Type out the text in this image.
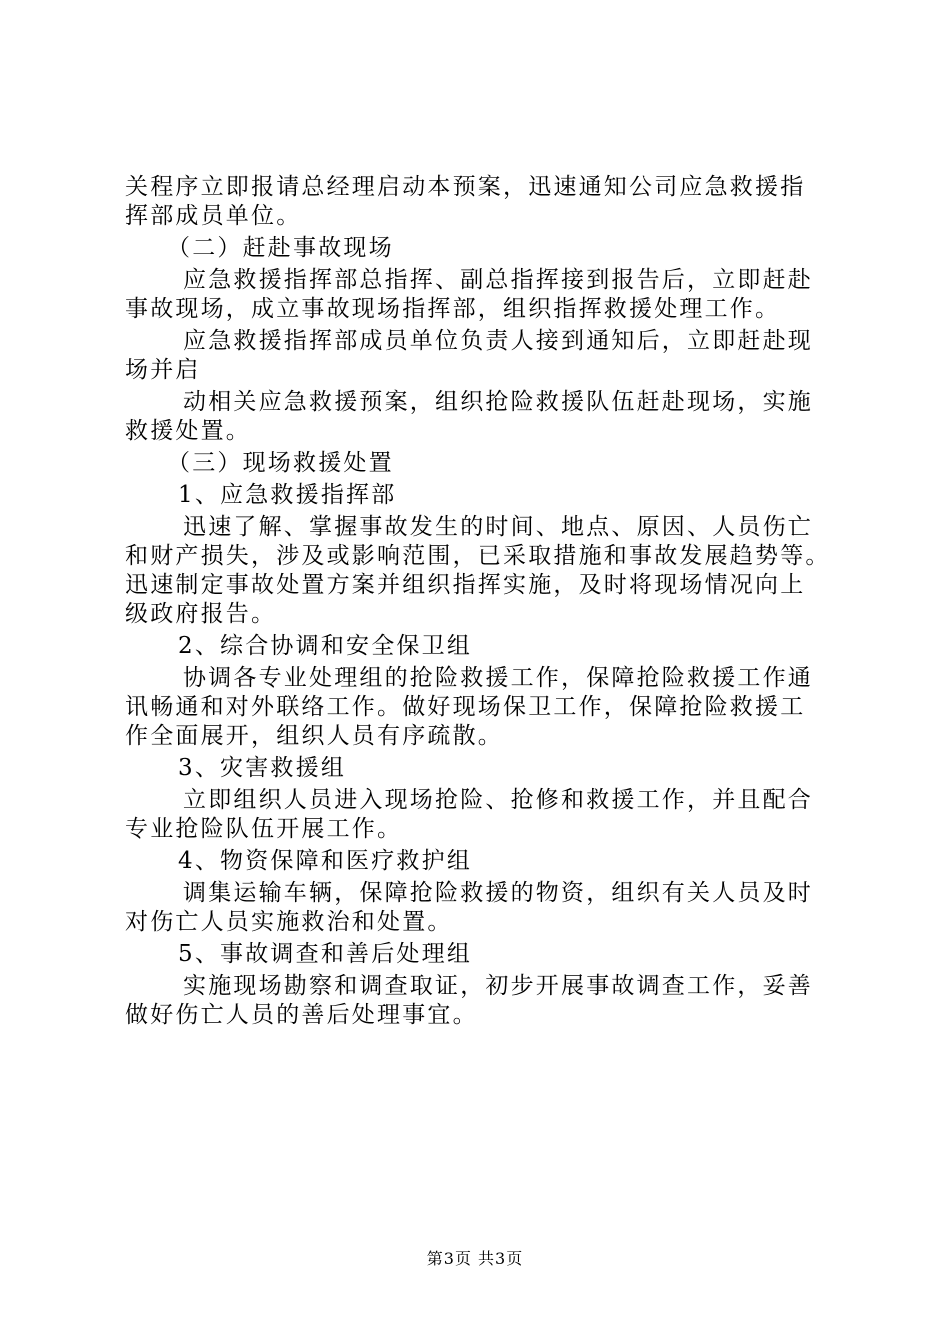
关程序立即报请总经理启动本预案，迅速通知公司应急救援指
挥部成员单位。
（二）赶赴事故现场
应急救援指挥部总指挥、副总指挥接到报告后，立即赶赴
事故现场，成立事故现场指挥部，组织指挥救援处理工作。
应急救援指挥部成员单位负责人接到通知后，立即赶赴现
场并启
动相关应急救援预案，组织抢险救援队伍赶赴现场，实施
救援处置。
（三）现场救援处置
1、应急救援指挥部
迅速了解、掌握事故发生的时间、地点、原因、人员伤亡
和财产损失，涉及或影响范围，已采取措施和事故发展趋势等。
迅速制定事故处置方案并组织指挥实施，及时将现场情况向上
级政府报告。
2、综合协调和安全保卫组
协调各专业处理组的抢险救援工作，保障抢险救援工作通
讯畅通和对外联络工作。做好现场保卫工作，保障抢险救援工
作全面展开，组织人员有序疏散。
3、灾害救援组
立即组织人员进入现场抢险、抢修和救援工作，并且配合
专业抢险队伍开展工作。
4、物资保障和医疗救护组
调集运输车辆，保障抢险救援的物资，组织有关人员及时
对伤亡人员实施救治和处置。
5、事故调查和善后处理组
实施现场勘察和调查取证，初步开展事故调查工作，妥善
做好伤亡人员的善后处理事宜。
第3页 共3页
